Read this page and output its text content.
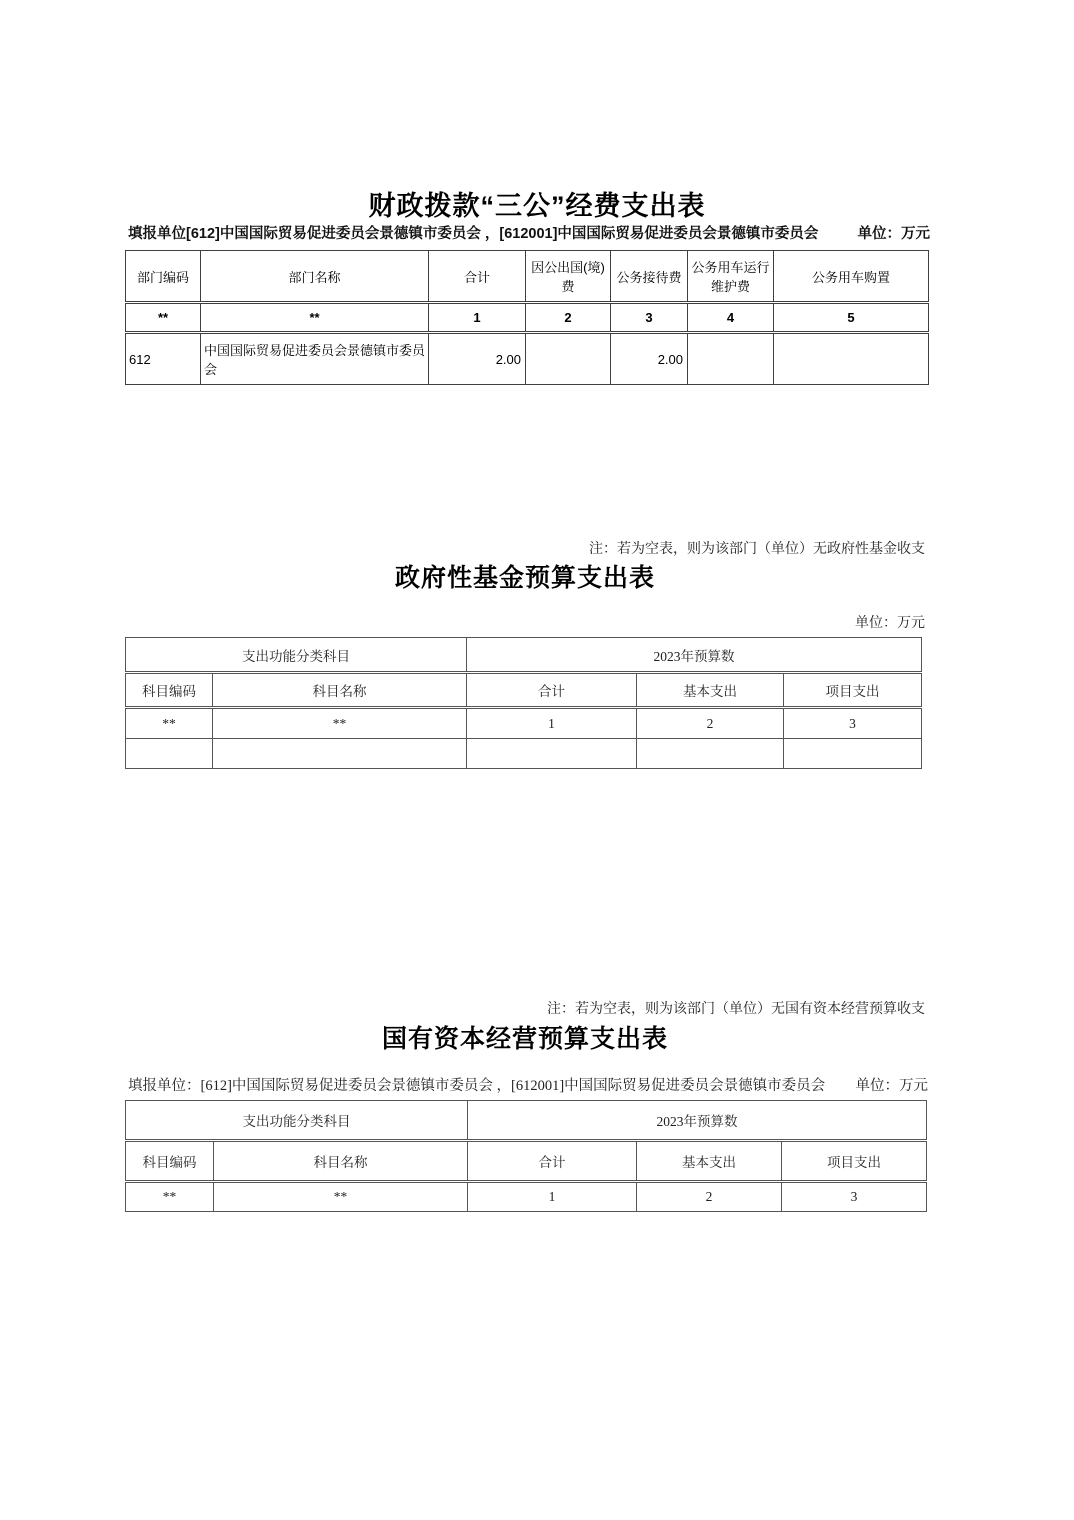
财政拨款“三公”经费支出表
填报单位[612]中国国际贸易促进委员会景德镇市委员会 ，[612001]中国国际贸易促进委员会景德镇市委员会	单位：万元
部门编码	部门名称	合计	因公出国(境)费	公务接待费	公务用车运行维护费	公务用车购置
**	**	1	2	3	4	5
612	中国国际贸易促进委员会景德镇市委员会	2.00		2.00		
注：若为空表，则为该部门（单位）无政府性基金收支
政府性基金预算支出表
单位：万元
支出功能分类科目		2023年预算数		
科目编码	科目名称	合计	基本支出	项目支出
**	**	1	2	3

注：若为空表，则为该部门（单位）无国有资本经营预算收支
国有资本经营预算支出表
填报单位：[612]中国国际贸易促进委员会景德镇市委员会 ，[612001]中国国际贸易促进委员会景德镇市委员会 单位：万元
支出功能分类科目		2023年预算数		
科目编码	科目名称	合计	基本支出	项目支出
**	**	1	2	3
